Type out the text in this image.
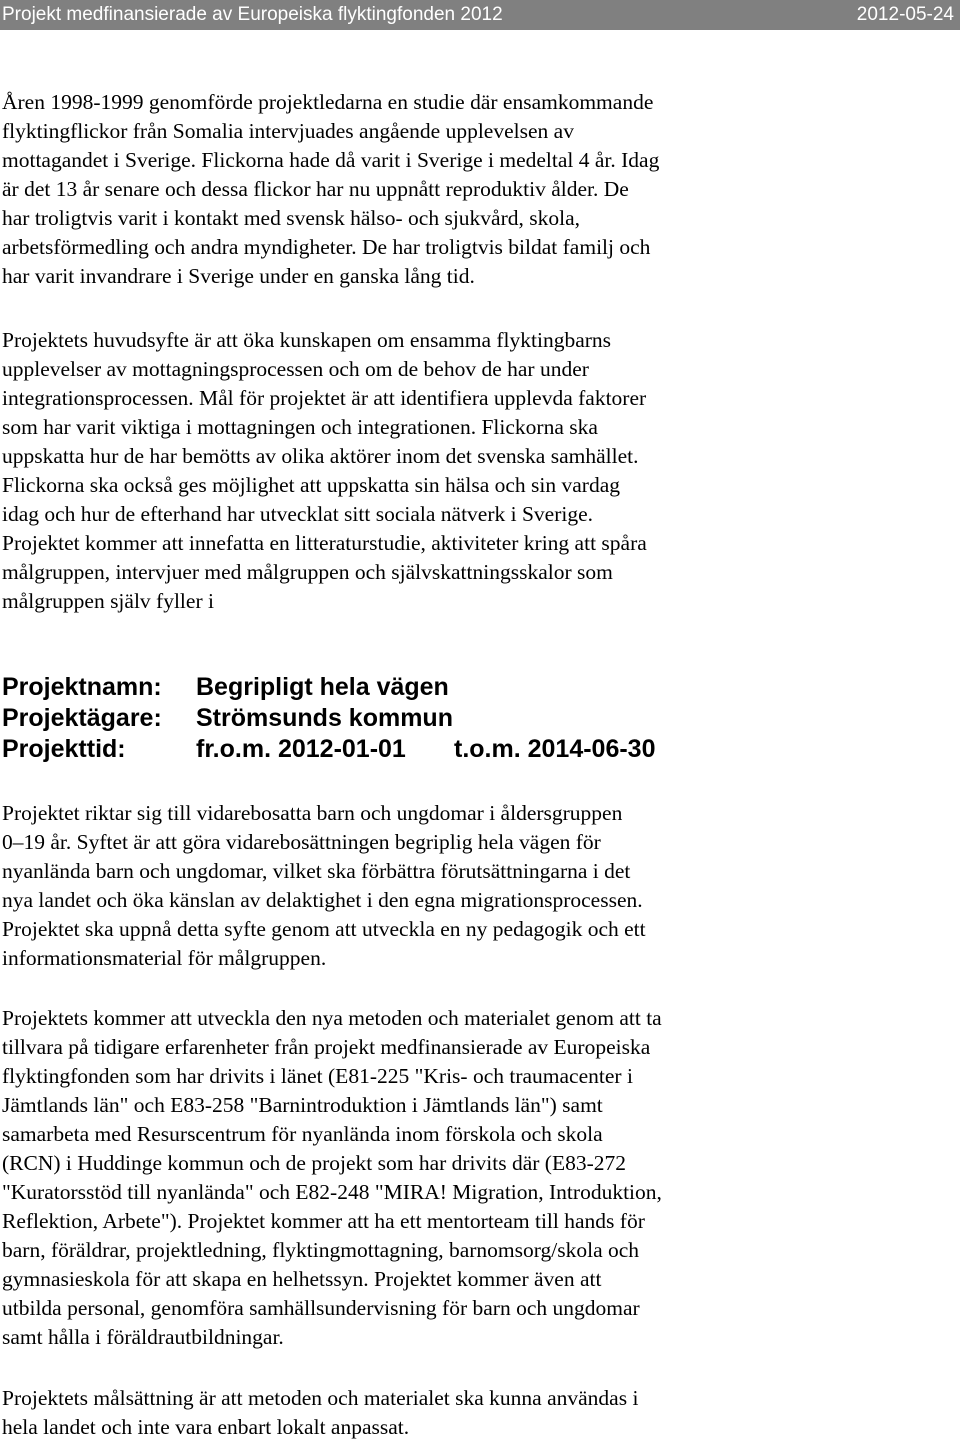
Projekt medfinansierade av Europeiska flyktingfonden 2012	2012-05-24
Åren 1998-1999 genomförde projektledarna en studie där ensamkommande
flyktingflickor från Somalia intervjuades angående upplevelsen av
mottagandet i Sverige. Flickorna hade då varit i Sverige i medeltal 4 år. Idag
är det 13 år senare och dessa flickor har nu uppnått reproduktiv ålder. De
har troligtvis varit i kontakt med svensk hälso- och sjukvård, skola,
arbetsförmedling och andra myndigheter. De har troligtvis bildat familj och
har varit invandrare i Sverige under en ganska lång tid.
Projektets huvudsyfte är att öka kunskapen om ensamma flyktingbarns
upplevelser av mottagningsprocessen och om de behov de har under
integrationsprocessen. Mål för projektet är att identifiera upplevda faktorer
som har varit viktiga i mottagningen och integrationen. Flickorna ska
uppskatta hur de har bemötts av olika aktörer inom det svenska samhället.
Flickorna ska också ges möjlighet att uppskatta sin hälsa och sin vardag
idag och hur de efterhand har utvecklat sitt sociala nätverk i Sverige.
Projektet kommer att innefatta en litteraturstudie, aktiviteter kring att spåra
målgruppen, intervjuer med målgruppen och självskattningsskalor som
målgruppen själv fyller i
Projektnamn: Begripligt hela vägen
Projektägare: Strömsunds kommun
Projekttid:	fr.o.m. 2012-01-01 t.o.m. 2014-06-30
Projektet riktar sig till vidarebosatta barn och ungdomar i åldersgruppen
0–19 år. Syftet är att göra vidarebosättningen begriplig hela vägen för
nyanlända barn och ungdomar, vilket ska förbättra förutsättningarna i det
nya landet och öka känslan av delaktighet i den egna migrationsprocessen.
Projektet ska uppnå detta syfte genom att utveckla en ny pedagogik och ett
informationsmaterial för målgruppen.
Projektets kommer att utveckla den nya metoden och materialet genom att ta
tillvara på tidigare erfarenheter från projekt medfinansierade av Europeiska
flyktingfonden som har drivits i länet (E81-225 "Kris- och traumacenter i
Jämtlands län" och E83-258 "Barnintroduktion i Jämtlands län") samt
samarbeta med Resurscentrum för nyanlända inom förskola och skola
(RCN) i Huddinge kommun och de projekt som har drivits där (E83-272
"Kuratorsstöd till nyanlända" och E82-248 "MIRA! Migration, Introduktion,
Reflektion, Arbete"). Projektet kommer att ha ett mentorteam till hands för
barn, föräldrar, projektledning, flyktingmottagning, barnomsorg/skola och
gymnasieskola för att skapa en helhetssyn. Projektet kommer även att
utbilda personal, genomföra samhällsundervisning för barn och ungdomar
samt hålla i föräldrautbildningar.
Projektets målsättning är att metoden och materialet ska kunna användas i
hela landet och inte vara enbart lokalt anpassat.
